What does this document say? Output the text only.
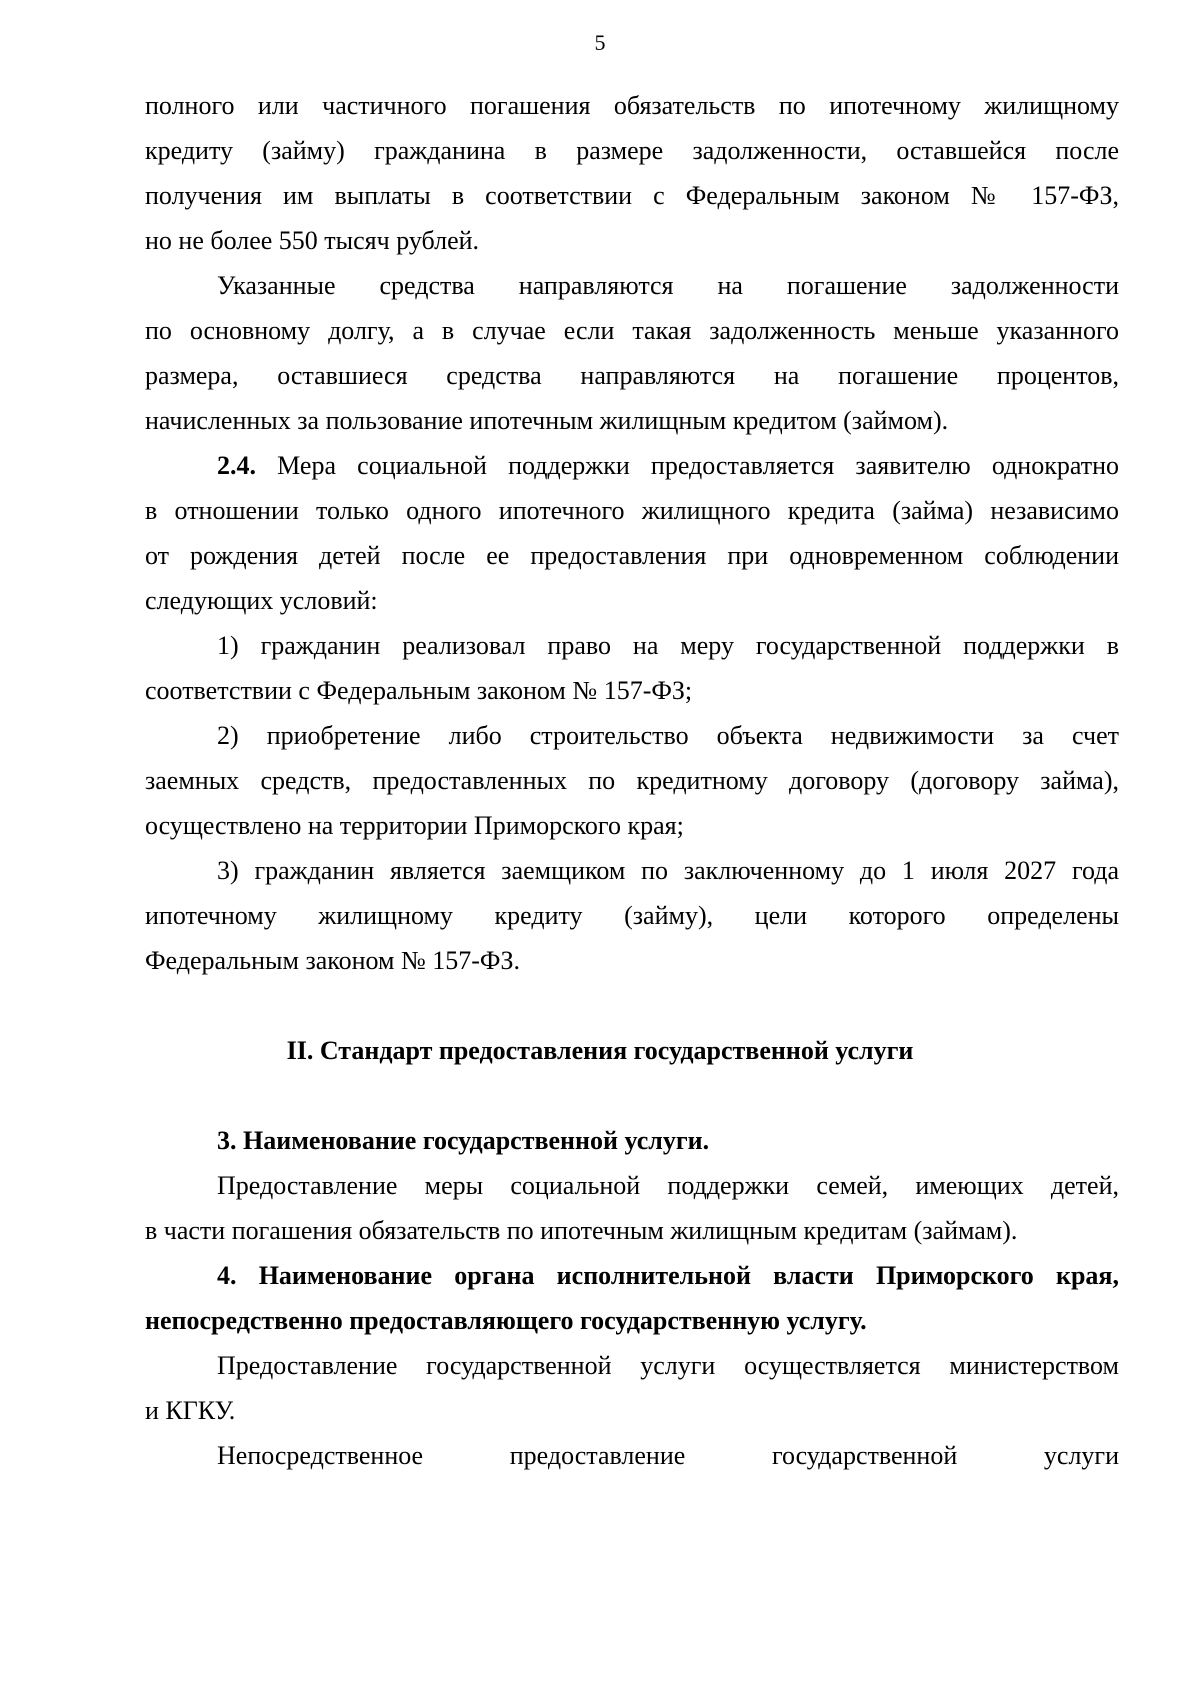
5
полного или частичного погашения обязательств по ипотечному жилищному
кредиту (займу) гражданина в размере задолженности, оставшейся после
получения им выплаты в соответствии с Федеральным законом № 157-ФЗ,
но не более 550 тысяч рублей.
Указанные средства направляются на погашение задолженности
по основному долгу, а в случае если такая задолженность меньше указанного
размера, оставшиеся средства направляются на погашение процентов,
начисленных за пользование ипотечным жилищным кредитом (займом).
2.4. Мера социальной поддержки предоставляется заявителю однократно
в отношении только одного ипотечного жилищного кредита (займа) независимо
от рождения детей после ее предоставления при одновременном соблюдении
следующих условий:
1) гражданин реализовал право на меру государственной поддержки в
соответствии с Федеральным законом № 157-ФЗ;
2) приобретение либо строительство объекта недвижимости за счет
заемных средств, предоставленных по кредитному договору (договору займа),
осуществлено на территории Приморского края;
3) гражданин является заемщиком по заключенному до 1 июля 2027 года
ипотечному жилищному кредиту (займу), цели которого определены
Федеральным законом № 157-ФЗ.
II. Стандарт предоставления государственной услуги
3. Наименование государственной услуги.
Предоставление меры социальной поддержки семей, имеющих детей,
в части погашения обязательств по ипотечным жилищным кредитам (займам).
4. Наименование органа исполнительной власти Приморского края,
непосредственно предоставляющего государственную услугу.
Предоставление государственной услуги осуществляется министерством
и КГКУ.
Непосредственное предоставление государственной услуги
